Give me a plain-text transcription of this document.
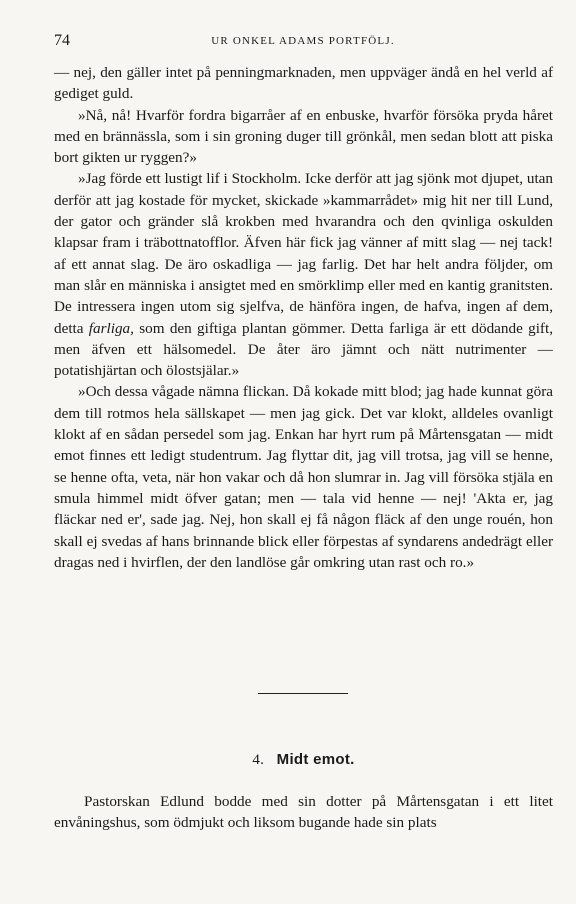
74	UR ONKEL ADAMS PORTFÖLJ.

— nej, den gäller intet på penningmarknaden, men uppväger ändå en hel verld af gediget guld.

»Nå, nå! Hvarför fordra bigarråer af en enbuske, hvarför försöka pryda håret med en brännässla, som i sin groning duger till grönkål, men sedan blott att piska bort gikten ur ryggen?»

»Jag förde ett lustigt lif i Stockholm. Icke derför att jag sjönk mot djupet, utan derför att jag kostade för mycket, skickade »kammarrådet» mig hit ner till Lund, der gator och gränder slå krokben med hvarandra och den qvinliga oskulden klapsar fram i träbottnatofflor. Äfven här fick jag vänner af mitt slag — nej tack! af ett annat slag. De äro oskadliga — jag farlig. Det har helt andra följder, om man slår en människa i ansigtet med en smörklimp eller med en kantig granitsten. De intressera ingen utom sig sjelfva, de hänföra ingen, de hafva, ingen af dem, detta farliga, som den giftiga plantan gömmer. Detta farliga är ett dödande gift, men äfven ett hälsomedel. De åter äro jämnt och nätt nutrimenter — potatishjärtan och ölostsjälar.»

»Och dessa vågade nämna flickan. Då kokade mitt blod; jag hade kunnat göra dem till rotmos hela sällskapet — men jag gick. Det var klokt, alldeles ovanligt klokt af en sådan persedel som jag. Enkan har hyrt rum på Mårtensgatan — midt emot finnes ett ledigt studentrum. Jag flyttar dit, jag vill trotsa, jag vill se henne, se henne ofta, veta, när hon vakar och då hon slumrar in. Jag vill försöka stjäla en smula himmel midt öfver gatan; men — tala vid henne — nej! 'Akta er, jag fläckar ned er', sade jag. Nej, hon skall ej få någon fläck af den unge rouén, hon skall ej svedas af hans brinnande blick eller förpestas af syndarens andedrägt eller dragas ned i hvirflen, der den landlöse går omkring utan rast och ro.»

4. Midt emot.

Pastorskan Edlund bodde med sin dotter på Mårtensgatan i ett litet envåningshus, som ödmjukt och liksom bugande hade sin plats
